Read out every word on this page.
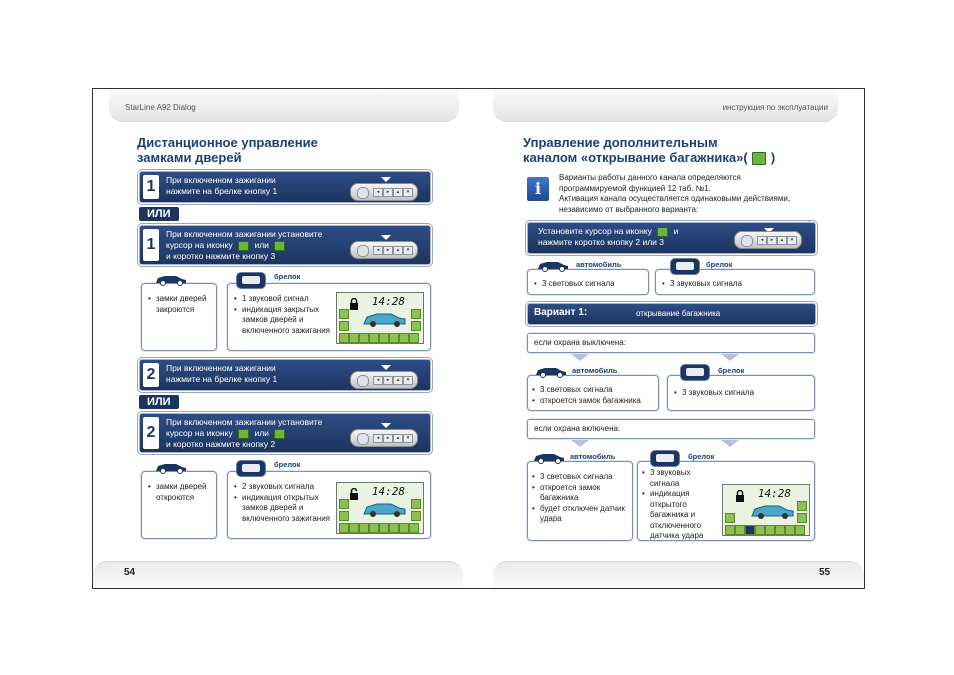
StarLine A92 Dialog
Дистанционное управление
замками дверей
1	При включенном зажигании
нажмите на брелке кнопку 1	◂	▸	▴	▾
ИЛИ
1
При включенном зажигании установите
курсор на иконку	или
и коротко нажмите кнопку 3
◂	▸	▴	▾
• замки дверей закроются
брелок
• 1 звуковой сигнал
• индикация закрытых замков дверей и включенного зажигания
14:28
2	При включенном зажигании
нажмите на брелке кнопку 1	◂	▸	▴	▾
ИЛИ
2
При включенном зажигании установите
курсор на иконку	или
и коротко нажмите кнопку 2
◂	▸	▴	▾
• замки дверей откроются
брелок
• 2 звуковых сигнала
• индикация открытых замков дверей и включенного зажигания
14:28
54
инструкция по эксплуатации
Управление дополнительным
каналом «открывание багажника»( )
i
Варианты работы данного канала определяются
программируемой функцией 12 таб. №1.
Активация канала осуществляется одинаковыми действиями,
независимо от выбранного варианта:
Установите курсор на иконку	и
нажмите коротко кнопку 2 или 3	◂	▸	▴	▾
автомобиль
• 3 световых сигнала
брелок
• 3 звуковых сигнала
Вариант 1:	открывание багажника
если охрана выключена:
автомобиль
• 3 световых сигнала
• откроется замок багажника
брелок
• 3 звуковых сигнала
если охрана включена:
автомобиль
• 3 световых сигнала
• откроется замок багажника
• будет отключен датчик удара
брелок
• 3 звуковых сигнала
• индикация открытого багажника и отключенного датчика удара
14:28
55
